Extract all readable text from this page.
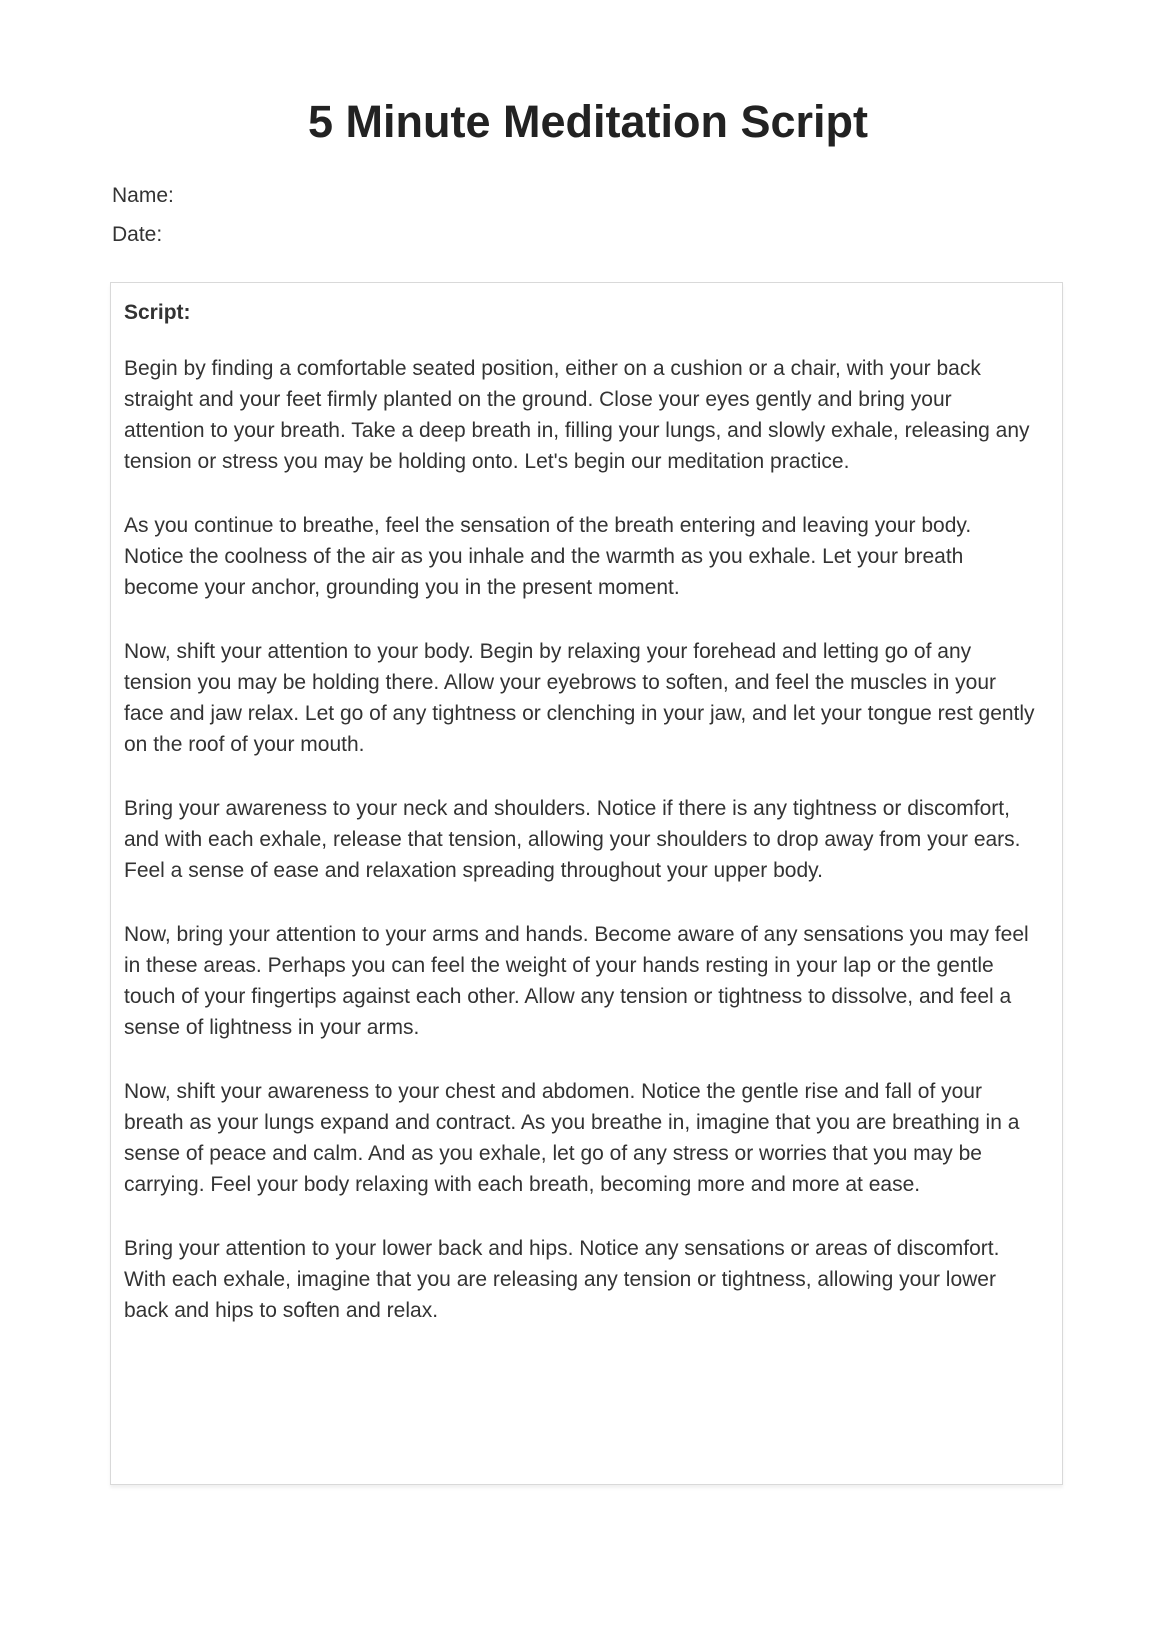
5 Minute Meditation Script
Name:
Date:
Script:

Begin by finding a comfortable seated position, either on a cushion or a chair, with your back straight and your feet firmly planted on the ground. Close your eyes gently and bring your attention to your breath. Take a deep breath in, filling your lungs, and slowly exhale, releasing any tension or stress you may be holding onto. Let's begin our meditation practice.

As you continue to breathe, feel the sensation of the breath entering and leaving your body. Notice the coolness of the air as you inhale and the warmth as you exhale. Let your breath become your anchor, grounding you in the present moment.

Now, shift your attention to your body. Begin by relaxing your forehead and letting go of any tension you may be holding there. Allow your eyebrows to soften, and feel the muscles in your face and jaw relax. Let go of any tightness or clenching in your jaw, and let your tongue rest gently on the roof of your mouth.

Bring your awareness to your neck and shoulders. Notice if there is any tightness or discomfort, and with each exhale, release that tension, allowing your shoulders to drop away from your ears. Feel a sense of ease and relaxation spreading throughout your upper body.

Now, bring your attention to your arms and hands. Become aware of any sensations you may feel in these areas. Perhaps you can feel the weight of your hands resting in your lap or the gentle touch of your fingertips against each other. Allow any tension or tightness to dissolve, and feel a sense of lightness in your arms.

Now, shift your awareness to your chest and abdomen. Notice the gentle rise and fall of your breath as your lungs expand and contract. As you breathe in, imagine that you are breathing in a sense of peace and calm. And as you exhale, let go of any stress or worries that you may be carrying. Feel your body relaxing with each breath, becoming more and more at ease.

Bring your attention to your lower back and hips. Notice any sensations or areas of discomfort. With each exhale, imagine that you are releasing any tension or tightness, allowing your lower back and hips to soften and relax.
